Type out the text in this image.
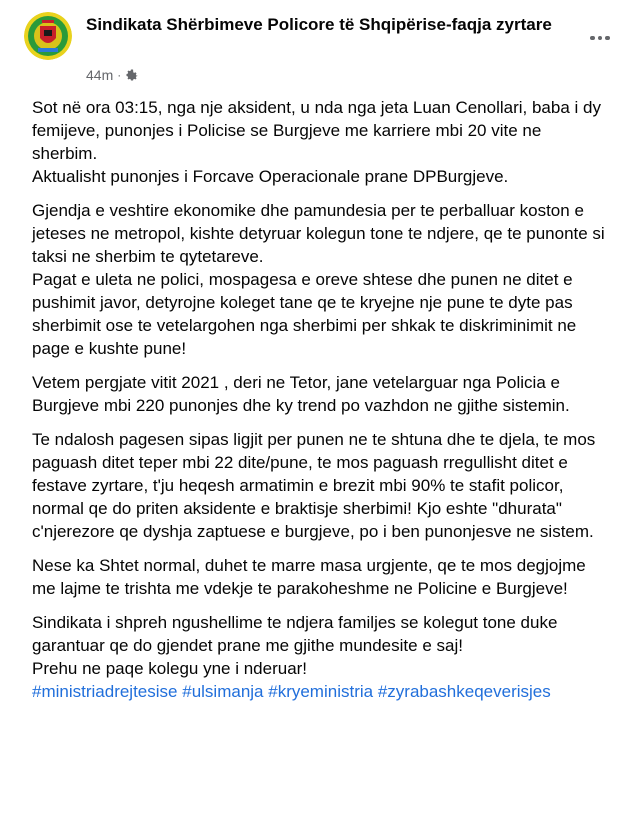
Sindikata Shërbimeve Policore të Shqipërise-faqja zyrtare
44m ·

Sot në ora 03:15, nga nje aksident, u nda nga jeta Luan Cenollari, baba i dy femijeve, punonjes i Policise se Burgjeve me karriere mbi 20 vite ne sherbim.
Aktualisht punonjes i Forcave Operacionale prane DPBurgjeve.

Gjendja e veshtire ekonomike dhe pamundesia per te perballuar koston e jeteses ne metropol, kishte detyruar kolegun tone te ndjere, qe te punonte si taksi ne sherbim te qytetareve.
Pagat e uleta ne polici, mospagesa e oreve shtese dhe punen ne ditet e pushimit javor, detyrojne koleget tane qe te kryejne nje pune te dyte pas sherbimit ose te vetelargohen nga sherbimi per shkak te diskriminimit ne page e kushte pune!

Vetem pergjate vitit 2021 , deri ne Tetor, jane vetelarguar nga Policia e Burgjeve mbi 220 punonjes dhe ky trend po vazhdon ne gjithe sistemin.

Te ndalosh pagesen sipas ligjit per punen ne te shtuna dhe te djela, te mos paguash ditet teper mbi 22 dite/pune, te mos paguash rregullisht ditet e festave zyrtare, t'ju heqesh armatimin e brezit mbi 90% te stafit policor, normal qe do priten aksidente e braktisje sherbimi! Kjo eshte "dhurata" c'njerezore qe dyshja zaptuese e burgjeve, po i ben punonjesve ne sistem.

Nese ka Shtet normal, duhet te marre masa urgjente, qe te mos degjojme me lajme te trishta me vdekje te parakoheshme ne Policine e Burgjeve!

Sindikata i shpreh ngushellime te ndjera familjes se kolegut tone duke garantuar qe do gjendet prane me gjithe mundesite e saj!
Prehu ne paqe kolegu yne i nderuar!

#ministriadrejtesise #ulsimanja #kryeministria #zyrabashkeqeverisjes
